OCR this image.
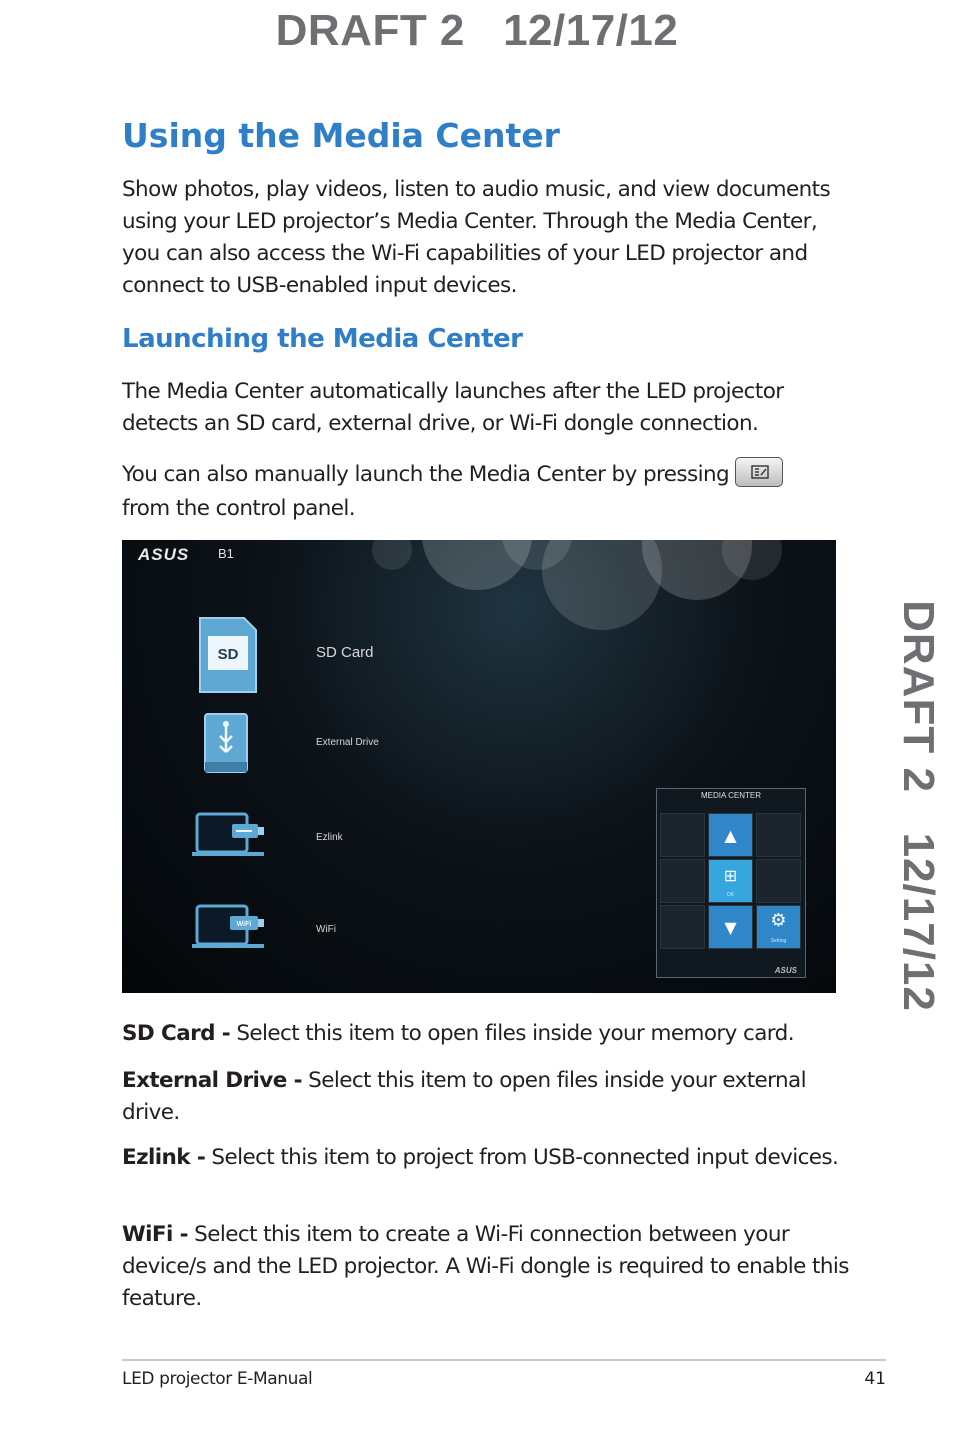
DRAFT 2   12/17/12
DRAFT 2   12/17/12
Using the Media Center

Show photos, play videos, listen to audio music, and view documents using your LED projector’s Media Center. Through the Media Center, you can also access the Wi-Fi capabilities of your LED projector and connect to USB-enabled input devices.

Launching the Media Center

The Media Center automatically launches after the LED projector detects an SD card, external drive, or Wi-Fi dongle connection.

You can also manually launch the Media Center by pressing

from the control panel.

ASUS B1
SD	SD Card
External Drive
Ezlink
WiFi	WiFi
MEDIA CENTER
▲
⊞
OK
▼	⚙
Setting
ASUS

SD Card - Select this item to open files inside your memory card.

External Drive - Select this item to open files inside your external drive.

Ezlink - Select this item to project from USB-connected input devices.

WiFi - Select this item to create a Wi-Fi connection between your device/s and the LED projector. A Wi-Fi dongle is required to enable this feature.

LED projector E-Manual	41
